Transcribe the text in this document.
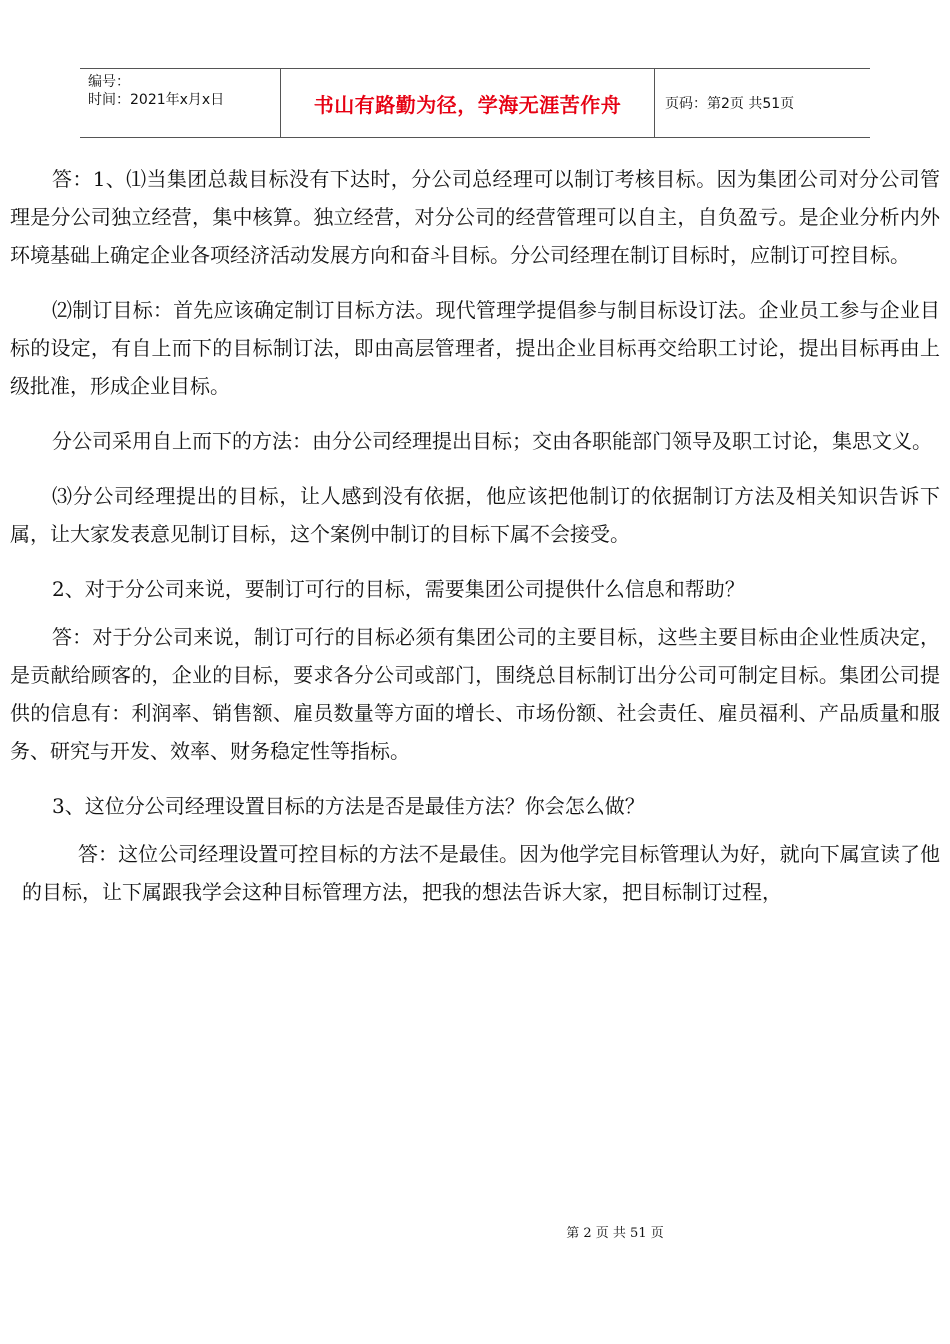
编号：
时间：2021年x月x日	书山有路勤为径，学海无涯苦作舟	页码：第2页 共51页

答：1、⑴当集团总裁目标没有下达时，分公司总经理可以制订考核目标。因为集团公司对分公司管理是分公司独立经营，集中核算。独立经营，对分公司的经营管理可以自主，自负盈亏。是企业分析内外环境基础上确定企业各项经济活动发展方向和奋斗目标。分公司经理在制订目标时，应制订可控目标。

⑵制订目标：首先应该确定制订目标方法。现代管理学提倡参与制目标设订法。企业员工参与企业目标的设定，有自上而下的目标制订法，即由高层管理者，提出企业目标再交给职工讨论，提出目标再由上级批准，形成企业目标。

分公司采用自上而下的方法：由分公司经理提出目标；交由各职能部门领导及职工讨论，集思文义。

⑶分公司经理提出的目标，让人感到没有依据，他应该把他制订的依据制订方法及相关知识告诉下属，让大家发表意见制订目标，这个案例中制订的目标下属不会接受。

2、对于分公司来说，要制订可行的目标，需要集团公司提供什么信息和帮助？

答：对于分公司来说，制订可行的目标必须有集团公司的主要目标，这些主要目标由企业性质决定，是贡献给顾客的，企业的目标，要求各分公司或部门，围绕总目标制订出分公司可制定目标。集团公司提供的信息有：利润率、销售额、雇员数量等方面的增长、市场份额、社会责任、雇员福利、产品质量和服务、研究与开发、效率、财务稳定性等指标。

3、这位分公司经理设置目标的方法是否是最佳方法？你会怎么做？

答：这位公司经理设置可控目标的方法不是最佳。因为他学完目标管理认为好，就向下属宣读了他的目标，让下属跟我学会这种目标管理方法，把我的想法告诉大家，把目标制订过程，

第 2 页 共 51 页
